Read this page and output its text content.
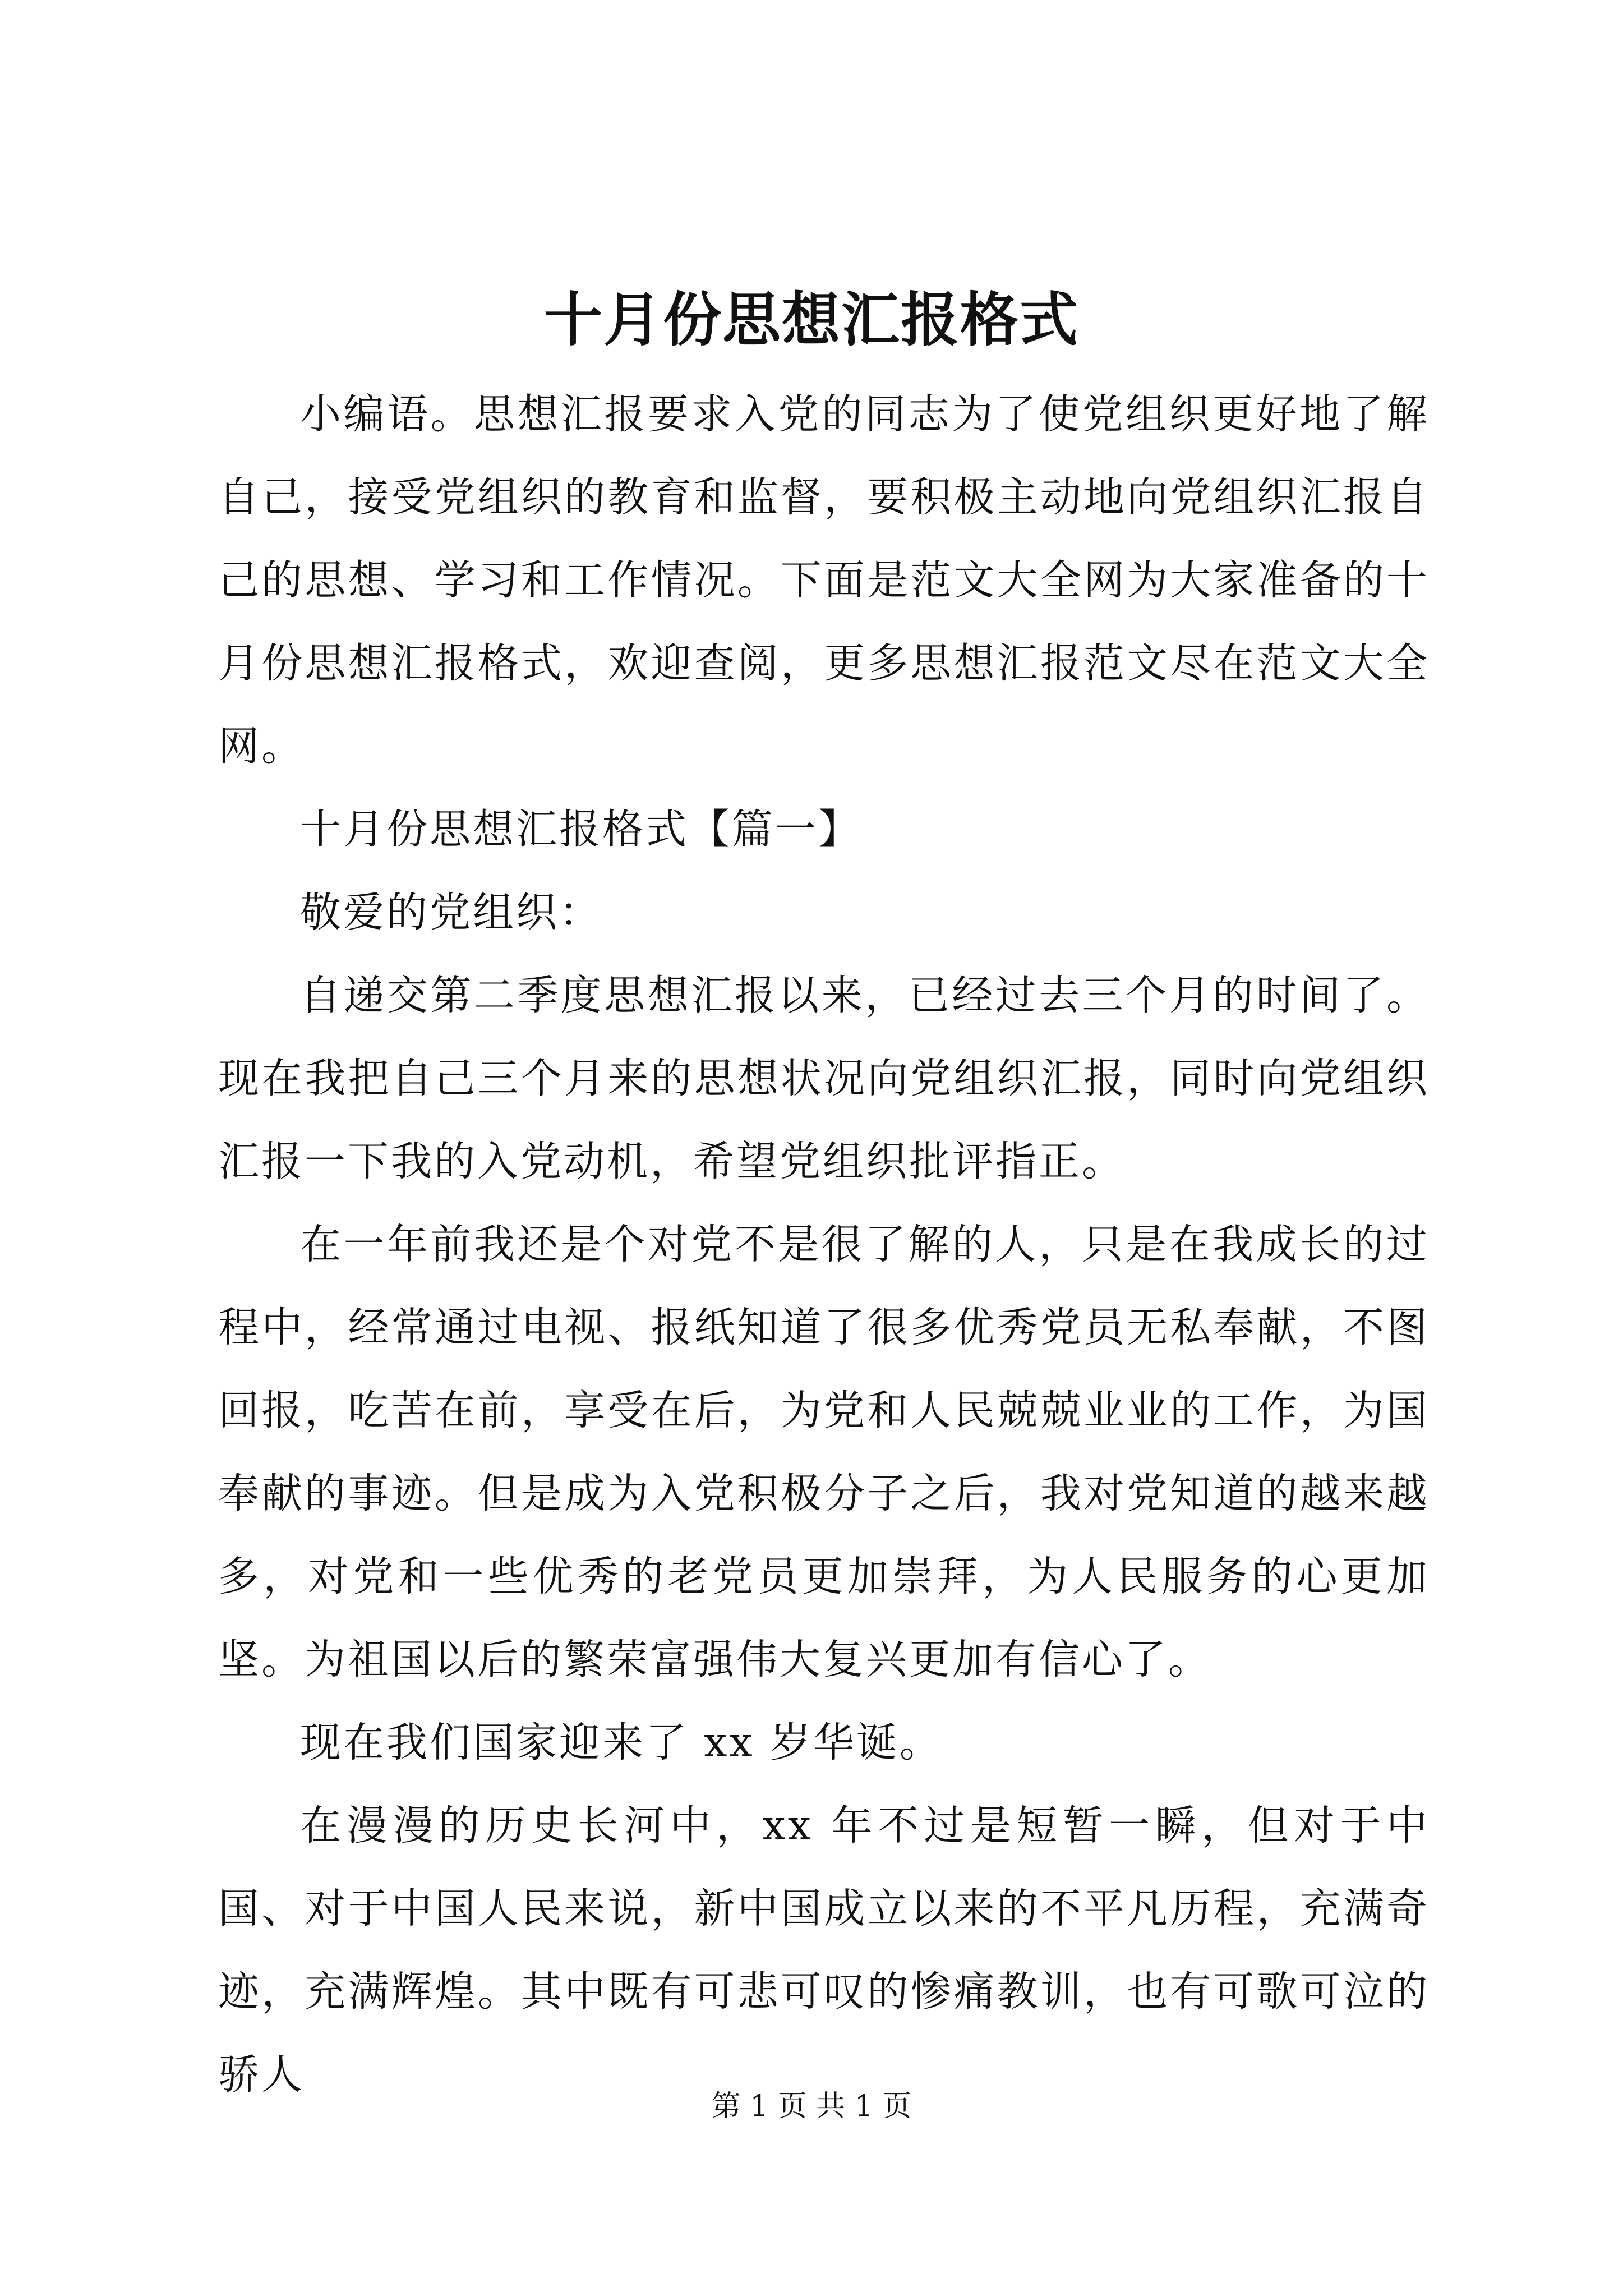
十月份思想汇报格式

小编语。思想汇报要求入党的同志为了使党组织更好地了解自己，接受党组织的教育和监督，要积极主动地向党组织汇报自己的思想、学习和工作情况。下面是范文大全网为大家准备的十月份思想汇报格式，欢迎查阅，更多思想汇报范文尽在范文大全网。

十月份思想汇报格式【篇一】

敬爱的党组织：

自递交第二季度思想汇报以来，已经过去三个月的时间了。现在我把自己三个月来的思想状况向党组织汇报，同时向党组织汇报一下我的入党动机，希望党组织批评指正。

在一年前我还是个对党不是很了解的人，只是在我成长的过程中，经常通过电视、报纸知道了很多优秀党员无私奉献，不图回报，吃苦在前，享受在后，为党和人民兢兢业业的工作，为国奉献的事迹。但是成为入党积极分子之后，我对党知道的越来越多，对党和一些优秀的老党员更加崇拜，为人民服务的心更加坚。为祖国以后的繁荣富强伟大复兴更加有信心了。

现在我们国家迎来了 xx 岁华诞。

在漫漫的历史长河中，xx 年不过是短暂一瞬，但对于中国、对于中国人民来说，新中国成立以来的不平凡历程，充满奇迹，充满辉煌。其中既有可悲可叹的惨痛教训，也有可歌可泣的骄人

第 1 页 共 1 页
